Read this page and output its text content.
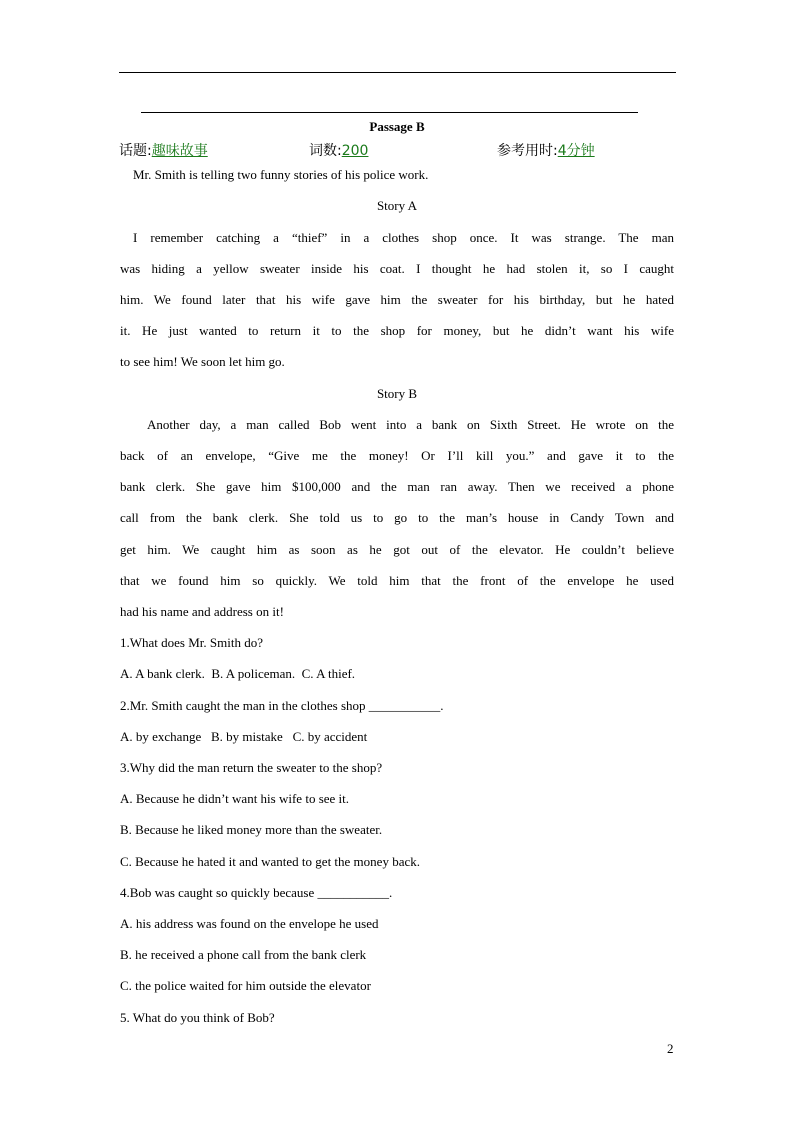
Passage B
话题:趣味故事	词数:200	参考用时:4分钟
Mr. Smith is telling two funny stories of his police work.
Story A
I remember catching a “thief” in a clothes shop once. It was strange. The man
was hiding a yellow sweater inside his coat. I thought he had stolen it, so I caught
him. We found later that his wife gave him the sweater for his birthday, but he hated
it. He just wanted to return it to the shop for money, but he didn’t want his wife
to see him! We soon let him go.
Story B
Another day, a man called Bob went into a bank on Sixth Street. He wrote on the
back of an envelope, “Give me the money! Or I’ll kill you.” and gave it to the
bank clerk. She gave him $100,000 and the man ran away. Then we received a phone
call from the bank clerk. She told us to go to the man’s house in Candy Town and
get him. We caught him as soon as he got out of the elevator. He couldn’t believe
that we found him so quickly. We told him that the front of the envelope he used
had his name and address on it!
1.What does Mr. Smith do?
A. A bank clerk.  B. A policeman.  C. A thief.
2.Mr. Smith caught the man in the clothes shop ___________.
A. by exchange   B. by mistake   C. by accident
3.Why did the man return the sweater to the shop?
A. Because he didn’t want his wife to see it.
B. Because he liked money more than the sweater.
C. Because he hated it and wanted to get the money back.
4.Bob was caught so quickly because ___________.
A. his address was found on the envelope he used
B. he received a phone call from the bank clerk
C. the police waited for him outside the elevator
5. What do you think of Bob?
2
